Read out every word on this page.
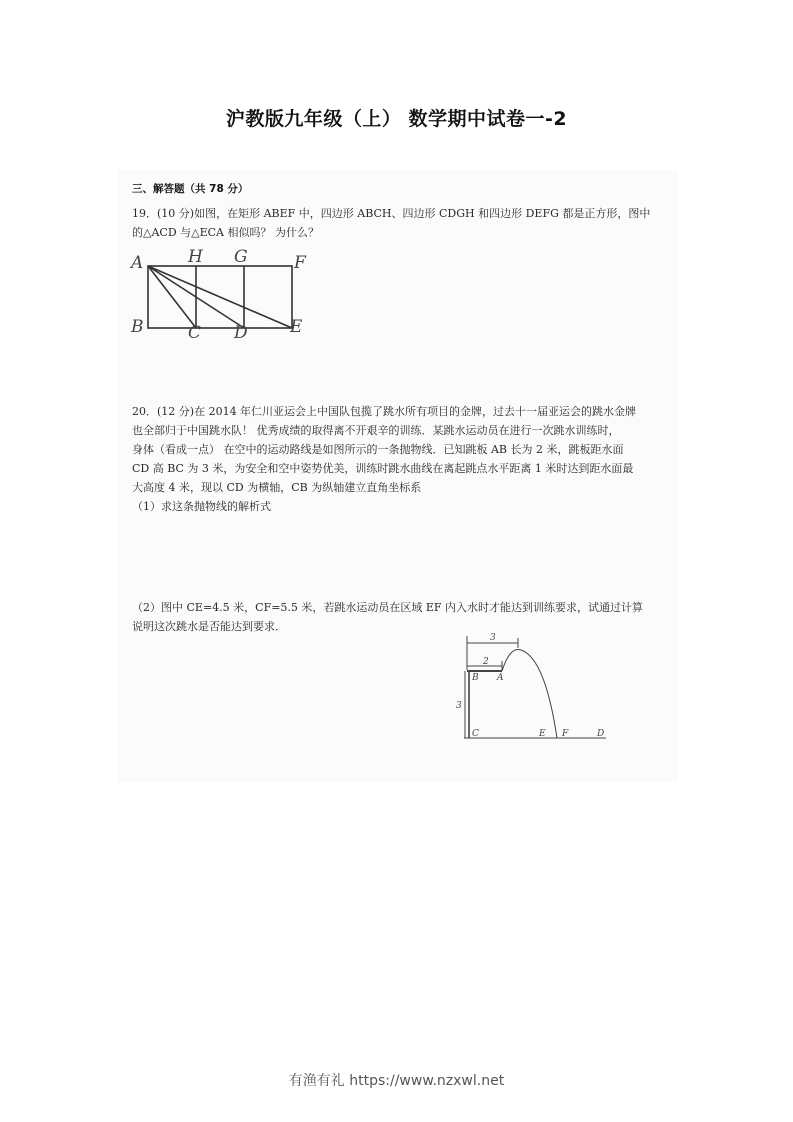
沪教版九年级（上） 数学期中试卷一-2
三、解答题（共 78 分）
19．(10 分)如图，在矩形 ABEF 中，四边形 ABCH、四边形 CDGH 和四边形 DEFG 都是正方形，图中
的△ACD 与△ECA 相似吗？ 为什么？
A	H G	F
B	C D E
20．(12 分)在 2014 年仁川亚运会上中国队包揽了跳水所有项目的金牌，过去十一届亚运会的跳水金牌
也全部归于中国跳水队！ 优秀成绩的取得离不开艰辛的训练．某跳水运动员在进行一次跳水训练时，
身体（看成一点） 在空中的运动路线是如图所示的一条抛物线．已知跳板 AB 长为 2 米，跳板距水面
CD 高 BC 为 3 米，为安全和空中姿势优美，训练时跳水曲线在离起跳点水平距离 1 米时达到距水面最
大高度 4 米，现以 CD 为横轴，CB 为纵轴建立直角坐标系
（1）求这条抛物线的解析式
（2）图中 CE=4.5 米，CF=5.5 米，若跳水运动员在区域 EF 内入水时才能达到训练要求，试通过计算
说明这次跳水是否能达到要求．
3
2
3
B A
C	E F	D
有渔有礼 https://www.nzxwl.net
